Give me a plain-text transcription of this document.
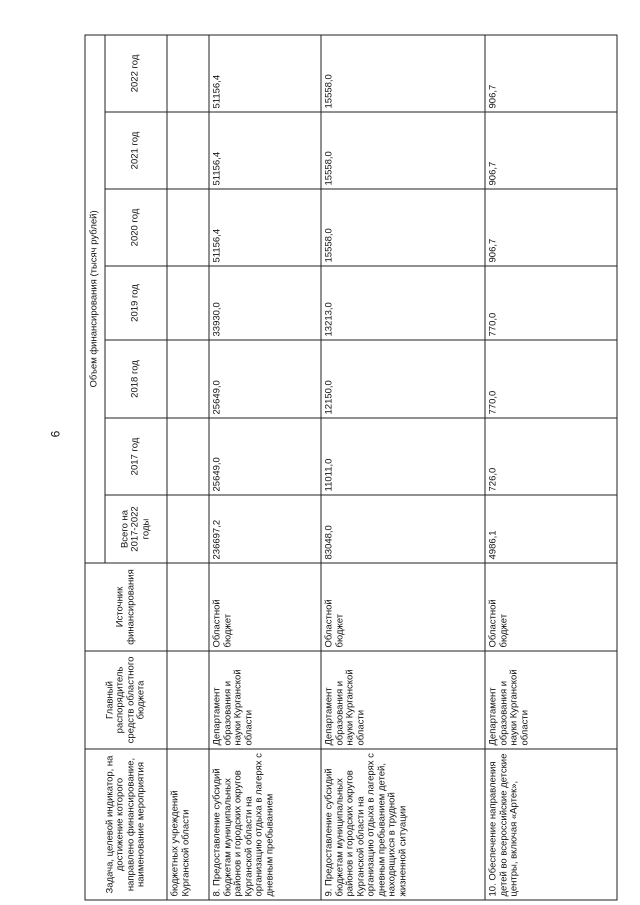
6
Задача, целевой индикатор, на достижение которого направлено финансирование, наименование мероприятия	Главный распорядитель средств областного бюджета	Источник финансирования	Объем финансирования (тысяч рублей)						
			Всего на 2017-2022 годы	2017 год	2018 год	2019 год	2020 год	2021 год	2022 год
бюджетных учреждений Курганской области									
8. Предоставление субсидий бюджетам муниципальных районов и городских округов Курганской области на организацию отдыха в лагерях с дневным пребыванием	Департамент образования и науки Курганской области	Областной бюджет	236697,2	25649,0	25649,0	33930,0	51156,4	51156,4	51156,4
9. Предоставление субсидий бюджетам муниципальных районов и городских округов Курганской области на организацию отдыха в лагерях с дневным пребыванием детей, находящихся в трудной жизненной ситуации	Департамент образования и науки Курганской области	Областной бюджет	83048,0	11011,0	12150,0	13213,0	15558,0	15558,0	15558,0
10. Обеспечение направления детей во всероссийские детские центры, включая «Артек»,	Департамент образования и науки Курганской области	Областной бюджет	4986,1	726,0	770,0	770,0	906,7	906,7	906,7
